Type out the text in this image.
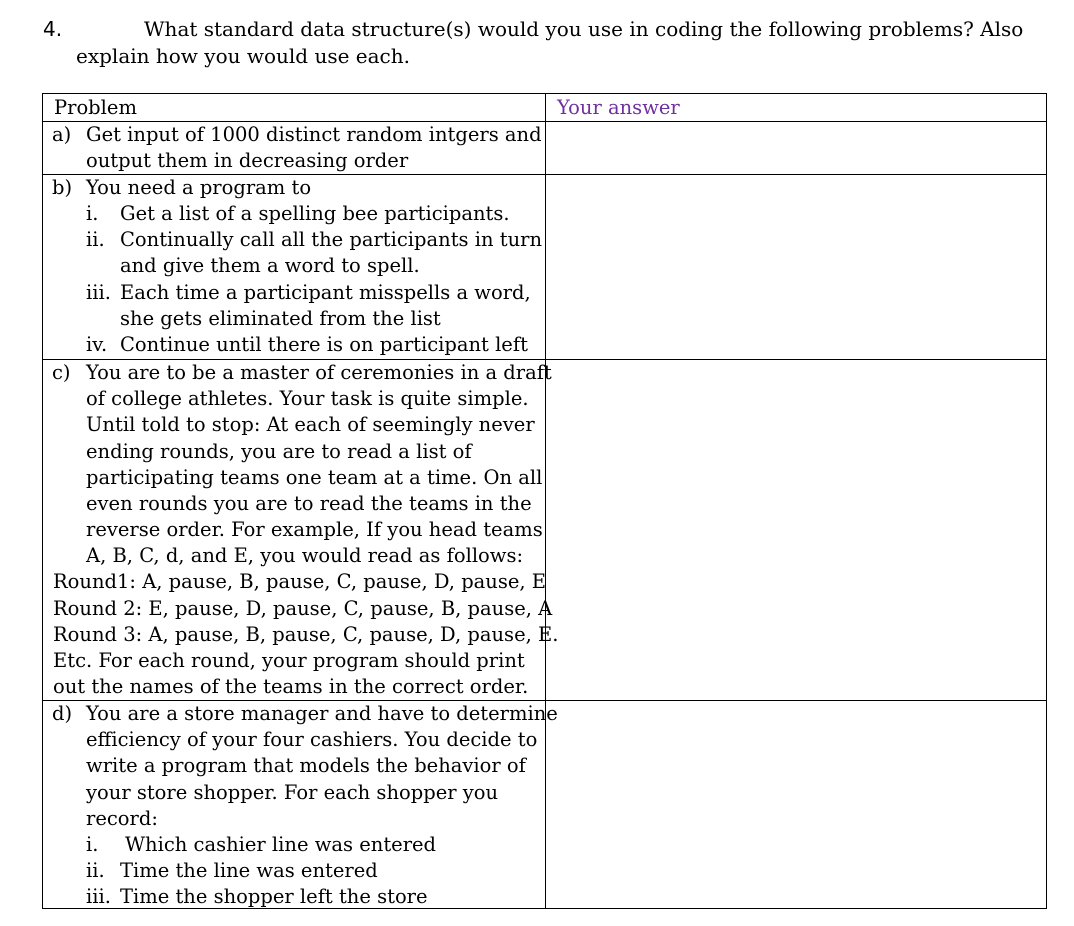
4.	What standard data structure(s) would you use in coding the following problems? Also
explain how you would use each.
Problem	Your answer
a) Get input of 1000 distinct random intgers and
output them in decreasing order
b) You need a program to
i. Get a list of a spelling bee participants.
ii. Continually call all the participants in turn
and give them a word to spell.
iii. Each time a participant misspells a word,
she gets eliminated from the list
iv. Continue until there is on participant left
c) You are to be a master of ceremonies in a draft
of college athletes. Your task is quite simple.
Until told to stop: At each of seemingly never
ending rounds, you are to read a list of
participating teams one team at a time. On all
even rounds you are to read the teams in the
reverse order. For example, If you head teams
A, B, C, d, and E, you would read as follows:
Round1: A, pause, B, pause, C, pause, D, pause, E
Round 2: E, pause, D, pause, C, pause, B, pause, A
Round 3: A, pause, B, pause, C, pause, D, pause, E.
Etc. For each round, your program should print
out the names of the teams in the correct order.
d) You are a store manager and have to determine
efficiency of your four cashiers. You decide to
write a program that models the behavior of
your store shopper. For each shopper you
record:
i. Which cashier line was entered
ii. Time the line was entered
iii. Time the shopper left the store
